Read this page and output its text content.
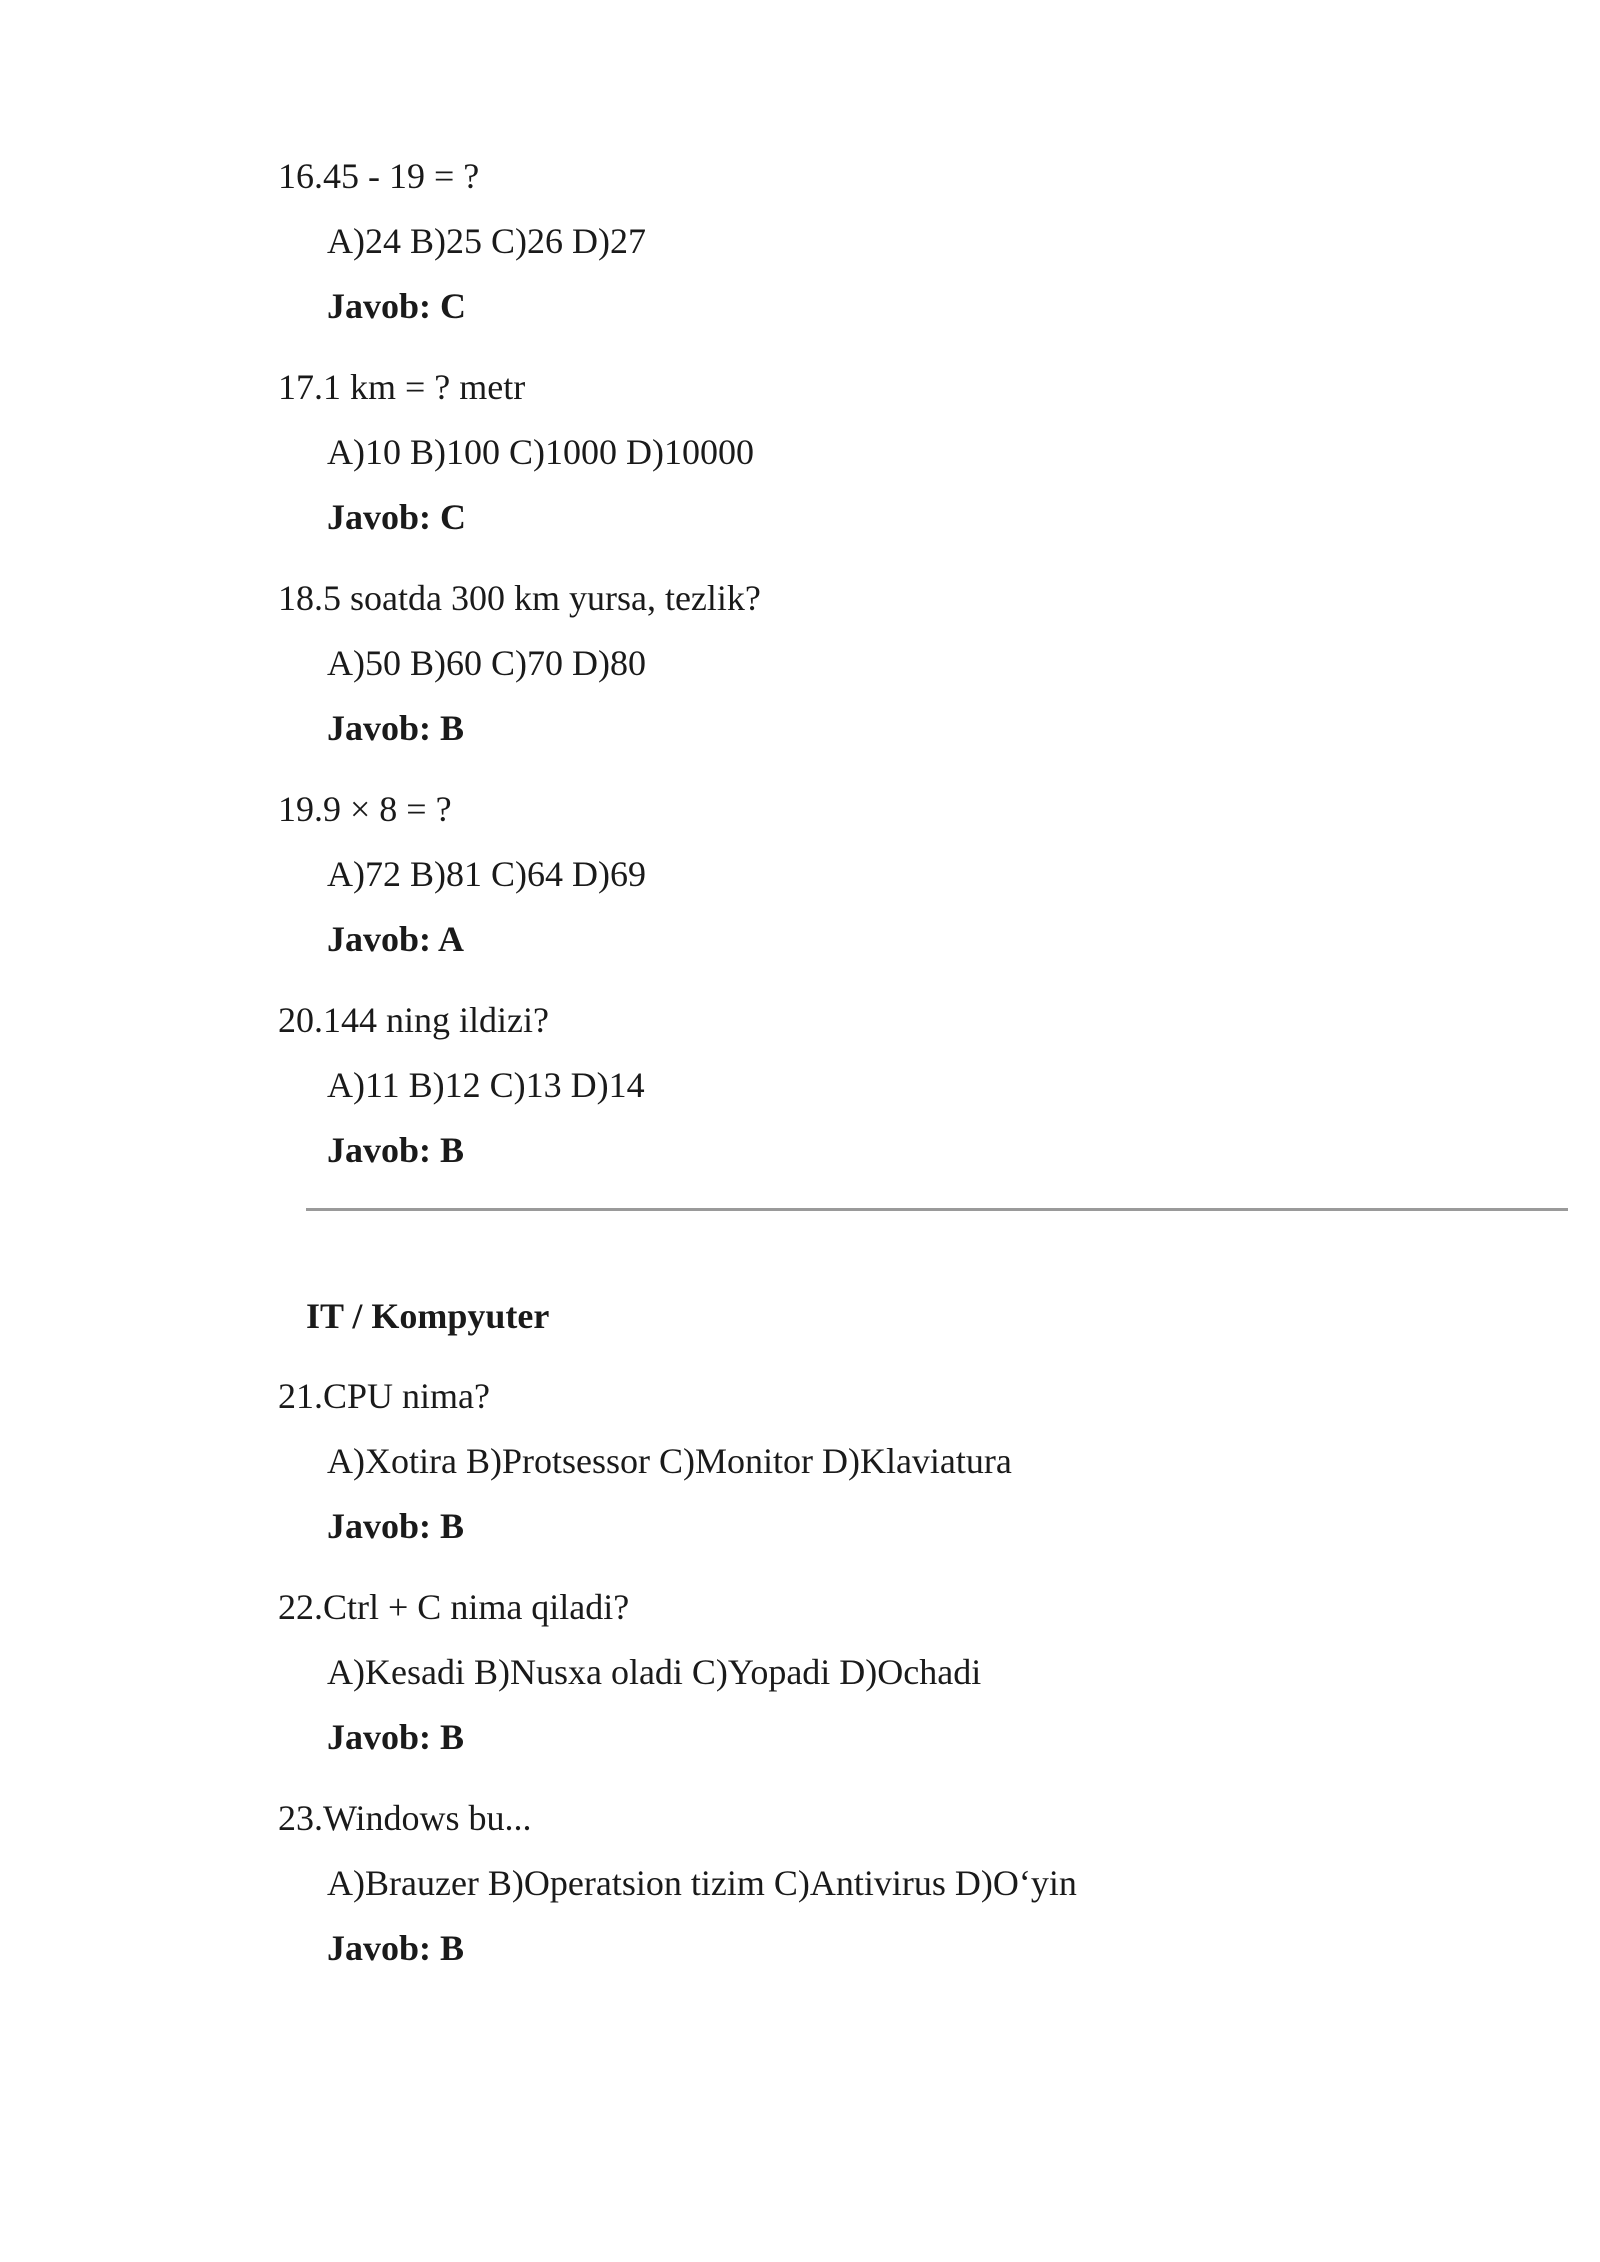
16.45 - 19 = ?
A)24 B)25 C)26 D)27
Javob: C
17.1 km = ? metr
A)10 B)100 C)1000 D)10000
Javob: C
18.5 soatda 300 km yursa, tezlik?
A)50 B)60 C)70 D)80
Javob: B
19.9 × 8 = ?
A)72 B)81 C)64 D)69
Javob: A
20.144 ning ildizi?
A)11 B)12 C)13 D)14
Javob: B
IT / Kompyuter
21.CPU nima?
A)Xotira B)Protsessor C)Monitor D)Klaviatura
Javob: B
22.Ctrl + C nima qiladi?
A)Kesadi B)Nusxa oladi C)Yopadi D)Ochadi
Javob: B
23.Windows bu...
A)Brauzer B)Operatsion tizim C)Antivirus D)O‘yin
Javob: B
